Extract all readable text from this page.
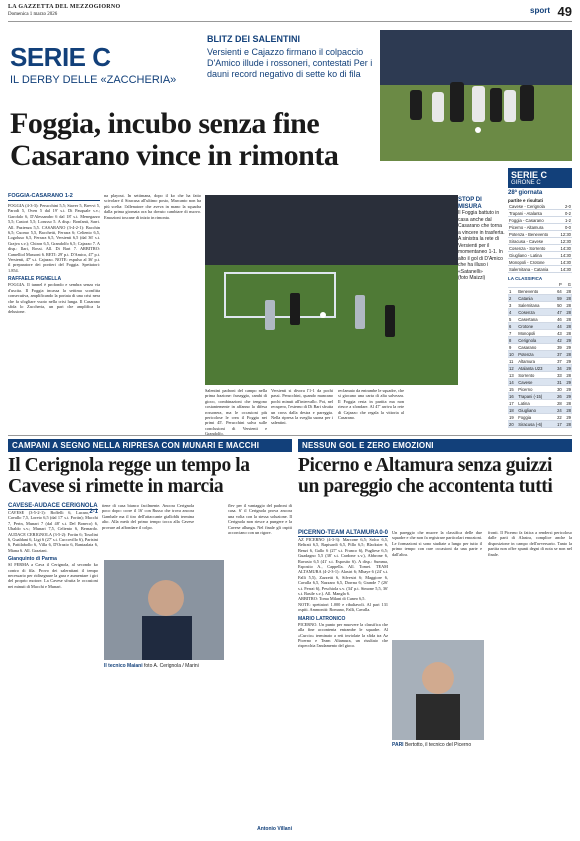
LA GAZZETTA DEL MEZZOGIORNO
Domenica 1 marzo 2026	sport 49
SERIE C
IL DERBY DELLE «ZACCHERIA»
BLITZ DEI SALENTINI
Versienti e Cajazzo firmano il colpaccio D'Amico illude i rossoneri, contestati Per i dauni record negativo di sette ko di fila
Foggia, incubo senza fine
Casarano vince in rimonta
FOGGIA-CASARANO 1-2
FOGGIA (4-3-3): Perucchini 5,5; Staver 5, Brevvi 5, Parodi 5, Oven 5 dal 19' s.t. Di Pasquale s.v.; Garofalo 6, D'Alessandro 6 dal 18' s.t. Menegazzo 5,5; Castori 5,5; Lorusso 5. A disp.: Bonfanti, Sarri. All. Pazienza 5,5. CASARANO (3-4-2-1): Bacchin 6,5; Cuomo 5,5, Bacchetti, Ferrara 6; Celiento 6,5, Logoluso 6,5, Ferrara 6,5, Versienti 6,5 (dal 36' s.t. Grajva s.v.); Chiron 6,5, Grandolfo 6,5; Cajazzo 7. A disp.: Ilari, Rossi. All. Di Bari 7. ARBITRO: Camelliol Massoni 6. RETI: 29' p.t. D'Amico, 47' p.t. Versienti, 47' s.t. Cajazzo. NOTE: espulso al 36' p.t. il preparatore dei portieri del Foggia. Spettatori: 1.854.
RAFFAELE PIGNELLA
FOGGIA. Il tunnel è profondo e sembra senza via d'uscita. Il Foggia incassa la settima sconfitta consecutiva, amplificando la portata di una crisi nera che fa sfogliare vuoto nella crisi lunga. Il Casarano sfida lo Zaccheria, un pari che amplifica la delusione.
na playout. In settimana, dopo il ko che ha fatto scivolare il Siracusa all'ultimo posto, Marcanto non ha più scelta: l'allenatore che aveva in mano la squadra dalla prima giornata ora ha dovuto cambiare di nuovo. Emozioni toscane di inizio in rimonta.
Salentini padroni del campo nella prima frazione: fraseggio, cambi di gioco, combinazioni che tengono costantemente in affanno la difesa rossonera, ma le occasioni più pericolose le crea il Foggia nei primi 45'. Perucchini salva sulle conclusioni di Versienti e Grandolfo.
Versienti si divora l'1-1 da pochi passi. Perucchini, quando mancano pochi minuti all'intervallo. Poi, nel recupero, l'esterno di Di Bari sfrutta un cross dalla destra e pareggia. Nella ripresa la sveglia suona per i salentini.
reclamato da entrambe le squadre, che si giocano una carta di alta salvezza. Il Foggia resta in partita ma non riesce a sfondare. Al 47' arriva la rete di Cajazzo che regala la vittoria al Casarano.
STOP DI MISURA
Il Foggia battuto in casa anche dal Casarano che torna a vincere in trasferta. A sinistra la rete di Versienti per il momentaneo 1-1. In alto il gol di D'Amico che ha illuso i «Satanelli»
(foto Maizzi)
SERIE C
GIRONE C
28ª giornata
partite e risultati
Cavese - Cerignola	2-0
Trapani - Atalanta	0-2
Foggia - Casarano	1-2
Picerno - Altamura	0-0
Potenza - Benevento	12:30
Siracusa - Cavese	12:30
Cosenza - Sorrento	14:30
Giugliano - Latina	14:30
Monopoli - Crotone	14:30
Salernitana - Catania	14:30
LA CLASSIFICA
		P	G
1	Benevento	64	28
2	Catania	59	28
3	Salernitana	50	28
4	Cosenza	47	28
5	Casertana	46	28
6	Crotone	44	28
7	Monopoli	43	28
8	Cerignola	42	29
9	Casarano	39	29
10	Potenza	37	28
11	Altamura	37	29
12	Atalanta U23	34	29
13	Sorrento	33	28
14	Cavese	31	29
15	Picerno	30	29
16	Trapani (-15)	26	29
17	Latina	28	28
18	Giugliano	24	28
19	Foggia	22	29
20	Siracusa (-6)	17	28
CAMPANI A SEGNO NELLA RIPRESA CON MUNARI E MACCHI
Il Cerignola regge un tempo la Cavese si rimette in marcia
CAVESE-AUDACE CERIGNOLA
2-1
CAVESE (3-5-2-1): Boffelli 6, Lucaro, Cavallo 7,5, Loreto 6,5 (dal 17' s.t. Fortin); Macchi 7, Perin, Munari 7 (dal 48' s.t. Del Boneco) 6, Ubaldo s.v.; Munari 7,5, Celiento 6, Bernardo. AUDACE CERIGNOLA (3-5-2): Fortin 6; Tosolini 6, Gualdani 6, Ligi 6 (27' s.t. Cuccovillo 6), Parisini 6, Pattilabollo 6, Villa 6, D'Orazio 6, Rantaalaia 6, Miana 6. All. Graziani.
Gianquinto di Parma
SI FERMA a Cava il Cerignola, al secondo ko contro di fila. Provo dei salernitani il tempo necessario per ridisegnare la gara e aumentare i giri del proprio motore. La Cavese sfrutta le occasioni nei minuti di Macchi e Munari.
tiene di casa bianco facilmente. Ancora Cerignola poco dopo: corre il 16' con Russo che trova ancora Gambale ma il tiro dell'attaccante gialloblù termina alto. Alla metà del primo tempo tocca alla Cavese provare ad affondare il colpo.
Il tecnico Maiani foto A. Cerignola / Marini
flev per il vantaggio del padroni di casa. 6' il Cerignola prova ancora una volta con la stessa soluzione. Il Cerignola non riesce a pungere e la Cavese allunga. Nel finale gli ospiti accorciano con un rigore.
Antonio Villani
NESSUN GOL E ZERO EMOZIONI
Picerno e Altamura senza guizzi un pareggio che accontenta tutti
PICERNO-TEAM ALTAMURA 0-0
AZ PICERNO (4-3-3): Marcone 6,5; Solco 6,5, Beltrati 6,5, Rapisardi 6,5, Pillo 6,5; Blackster 6, Benzi 6, Gallo 6 (27' s.t. Franco 6), Pugliese 6,5; Guadagno 5,5 (38' s.t. Cardone s.v.), Abbrone 6, Ravasio 6,5 (41' s.t. Esposito 6). A disp.: Summa, Esposito A., Cappella. All. Tomei. TEAM ALTAMURA (4-2-3-1): Alastri 6; Mbaye 6 (24' s.t. Falli 5,5), Zazzetti 6, Silvestri 6; Maggiore 6, Cavalla 6,5, Nazzaro 6,5, Dorrna 6; Grande 7 (26' s.t. Ferrai 6), Peschiola s.v. (34' p.t. Simone 5,5, 36' s.t. Basile s.v.). All. Mangla 6.
ARBITRO: Toma Milani di Cuneo 6,5.
NOTE: spettatori 1.000 e ribaltavoli. Al pari 131 ospiti. Ammoniti: Romano, Falli, Cavalla.
MARIO LATRONICO
PICERNO. Un punto per muovere la classifica che alla fine accontenta entrambe le squadre. Al «Curcio» terminato a reti inviolate la sfida tra Az Picerno e Team Altamura, un risultato che rispecchia l'andamento del gioco.
Un pareggio che muove la classifica delle due squadre e che non fa registrare particolari emozioni. Le formazioni si sono studiate a lungo per tutto il primo tempo con rare occasioni da una parte e dall'altra.
PARI Bertotto, il tecnico del Picerno
fronti. Il Picerno fa fatica a rendersi pericoloso dalle parti di Alastra, complice anche la disposizione in campo dell'avversario. Tanto la partita non offre spunti degni di nota se non nel finale.
